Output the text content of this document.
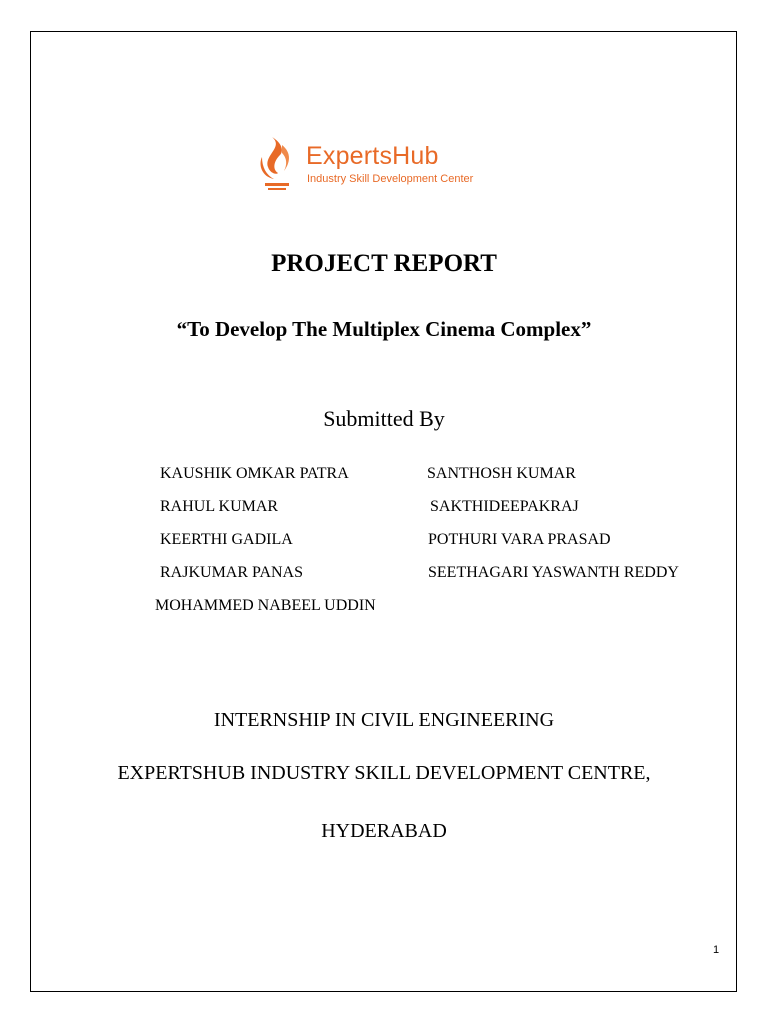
ExpertsHub
Industry Skill Development Center
PROJECT REPORT
“To Develop The Multiplex Cinema Complex”
Submitted By
KAUSHIK OMKAR PATRA
RAHUL KUMAR
KEERTHI GADILA
RAJKUMAR PANAS
MOHAMMED NABEEL UDDIN
SANTHOSH KUMAR
SAKTHIDEEPAKRAJ
POTHURI VARA PRASAD
SEETHAGARI YASWANTH REDDY
INTERNSHIP IN CIVIL ENGINEERING
EXPERTSHUB INDUSTRY SKILL DEVELOPMENT CENTRE,
HYDERABAD
1
